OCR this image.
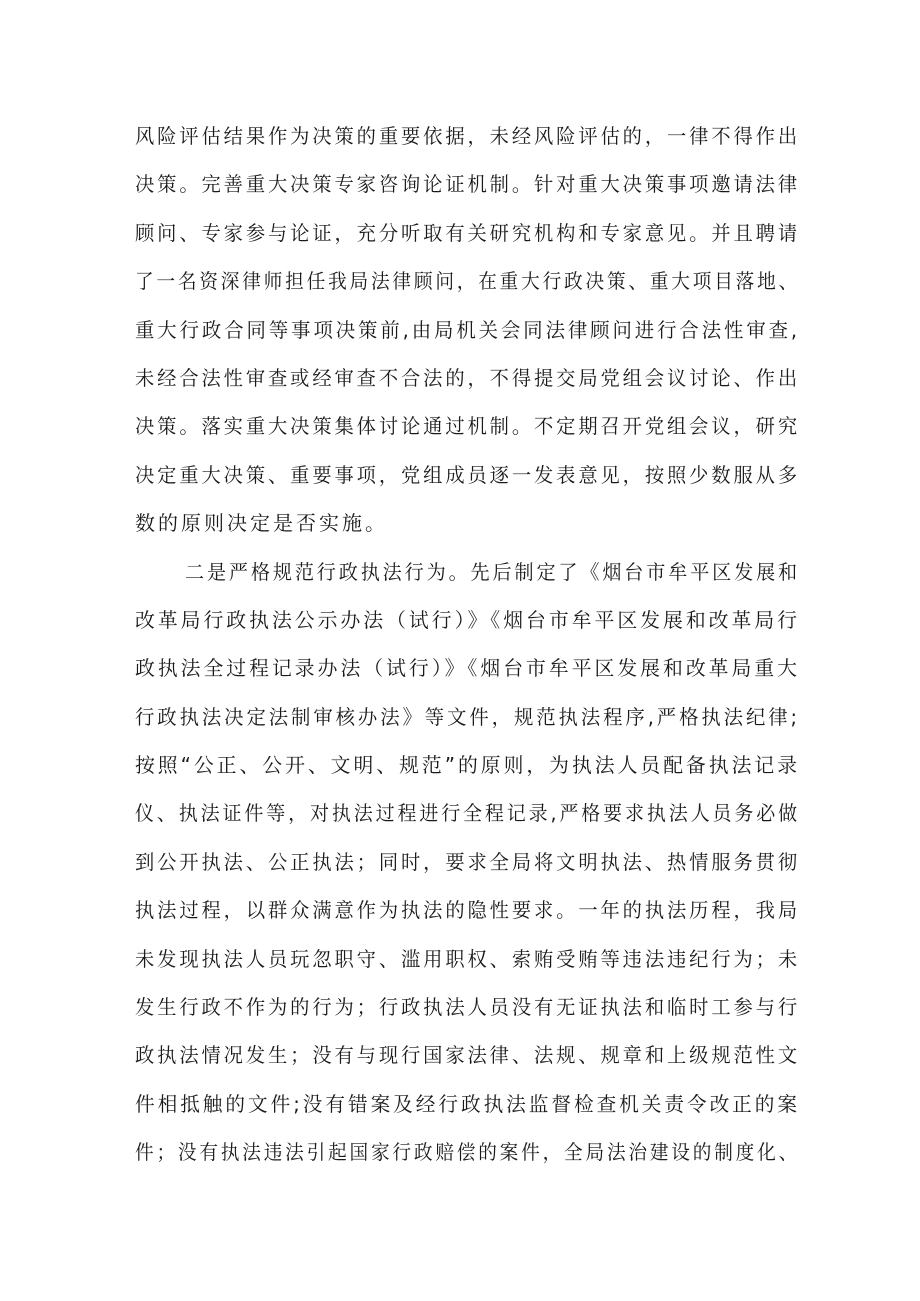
风险评估结果作为决策的重要依据，未经风险评估的，一律不得作出
决策。完善重大决策专家咨询论证机制。针对重大决策事项邀请法律
顾问、专家参与论证，充分听取有关研究机构和专家意见。并且聘请
了一名资深律师担任我局法律顾问，在重大行政决策、重大项目落地、
重大行政合同等事项决策前,由局机关会同法律顾问进行合法性审查,
未经合法性审查或经审查不合法的，不得提交局党组会议讨论、作出
决策。落实重大决策集体讨论通过机制。不定期召开党组会议，研究
决定重大决策、重要事项，党组成员逐一发表意见，按照少数服从多
数的原则决定是否实施。
二是严格规范行政执法行为。先后制定了《烟台市牟平区发展和
改革局行政执法公示办法（试行）》《烟台市牟平区发展和改革局行
政执法全过程记录办法（试行）》《烟台市牟平区发展和改革局重大
行政执法决定法制审核办法》等文件，规范执法程序,严格执法纪律;
按照“公正、公开、文明、规范”的原则，为执法人员配备执法记录
仪、执法证件等，对执法过程进行全程记录,严格要求执法人员务必做
到公开执法、公正执法；同时，要求全局将文明执法、热情服务贯彻
执法过程，以群众满意作为执法的隐性要求。一年的执法历程，我局
未发现执法人员玩忽职守、滥用职权、索贿受贿等违法违纪行为；未
发生行政不作为的行为；行政执法人员没有无证执法和临时工参与行
政执法情况发生；没有与现行国家法律、法规、规章和上级规范性文
件相抵触的文件;没有错案及经行政执法监督检查机关责令改正的案
件；没有执法违法引起国家行政赔偿的案件，全局法治建设的制度化、
